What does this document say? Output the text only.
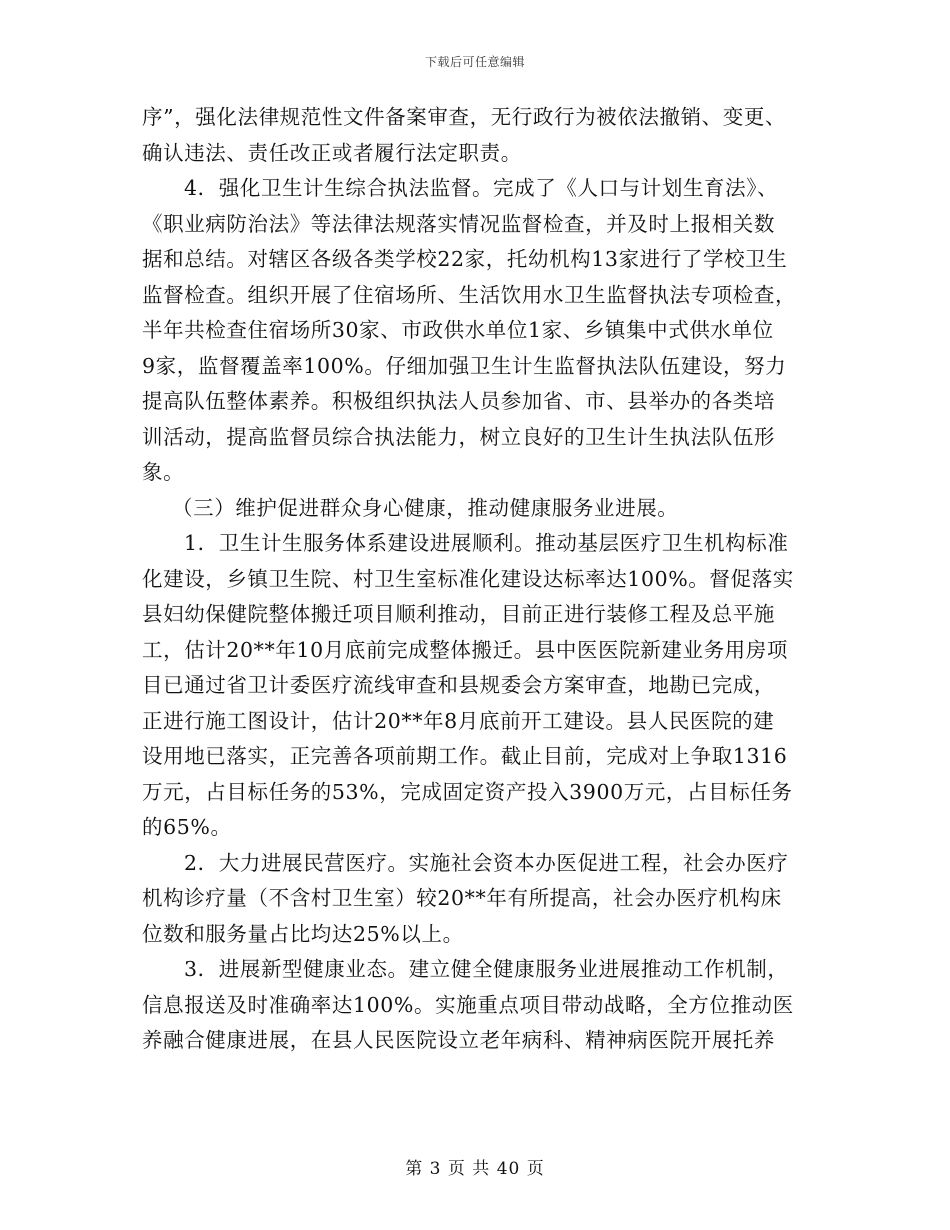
下载后可任意编辑
序”，强化法律规范性文件备案审查，无行政行为被依法撤销、变更、
确认违法、责任改正或者履行法定职责。
4．强化卫生计生综合执法监督。完成了《人口与计划生育法》、
《职业病防治法》等法律法规落实情况监督检查，并及时上报相关数
据和总结。对辖区各级各类学校22家，托幼机构13家进行了学校卫生
监督检查。组织开展了住宿场所、生活饮用水卫生监督执法专项检查，
半年共检查住宿场所30家、市政供水单位1家、乡镇集中式供水单位
9家，监督覆盖率100%。仔细加强卫生计生监督执法队伍建设，努力
提高队伍整体素养。积极组织执法人员参加省、市、县举办的各类培
训活动，提高监督员综合执法能力，树立良好的卫生计生执法队伍形
象。
（三）维护促进群众身心健康，推动健康服务业进展。
1．卫生计生服务体系建设进展顺利。推动基层医疗卫生机构标准
化建设，乡镇卫生院、村卫生室标准化建设达标率达100%。督促落实
县妇幼保健院整体搬迁项目顺利推动，目前正进行装修工程及总平施
工，估计20**年10月底前完成整体搬迁。县中医医院新建业务用房项
目已通过省卫计委医疗流线审查和县规委会方案审查，地勘已完成，
正进行施工图设计，估计20**年8月底前开工建设。县人民医院的建
设用地已落实，正完善各项前期工作。截止目前，完成对上争取1316
万元，占目标任务的53%，完成固定资产投入3900万元，占目标任务
的65%。
2．大力进展民营医疗。实施社会资本办医促进工程，社会办医疗
机构诊疗量（不含村卫生室）较20**年有所提高，社会办医疗机构床
位数和服务量占比均达25%以上。
3．进展新型健康业态。建立健全健康服务业进展推动工作机制，
信息报送及时准确率达100%。实施重点项目带动战略，全方位推动医
养融合健康进展，在县人民医院设立老年病科、精神病医院开展托养
第 3 页 共 40 页
